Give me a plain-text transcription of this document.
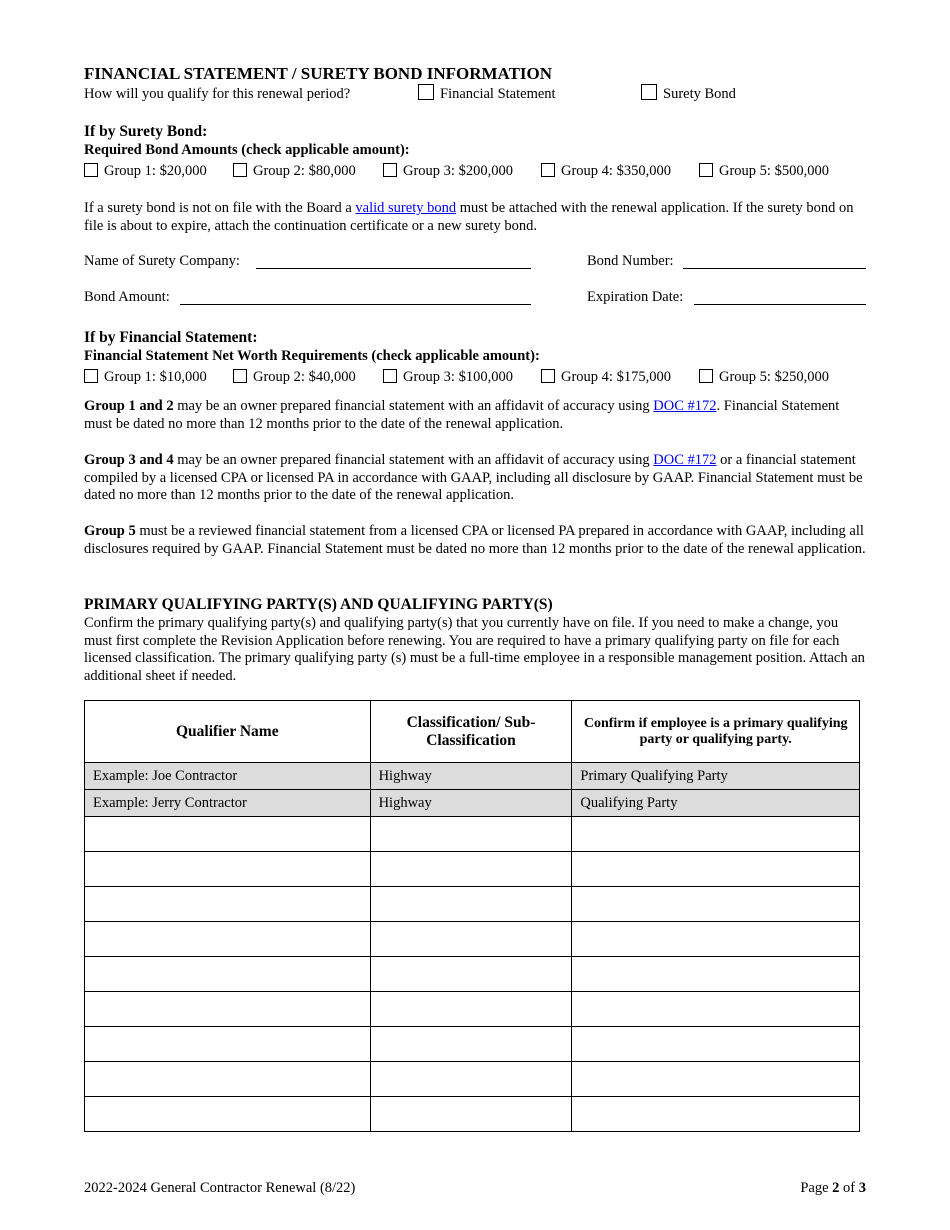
FINANCIAL STATEMENT / SURETY BOND INFORMATION
How will you qualify for this renewal period?	Financial Statement	Surety Bond
If by Surety Bond:
Required Bond Amounts (check applicable amount):
Group 1: $20,000	Group 2: $80,000	Group 3: $200,000	Group 4: $350,000	Group 5: $500,000
If a surety bond is not on file with the Board a valid surety bond must be attached with the renewal application. If the surety bond on file is about to expire, attach the continuation certificate or a new surety bond.
Name of Surety Company:	Bond Number:
Bond Amount:	Expiration Date:
If by Financial Statement:
Financial Statement Net Worth Requirements (check applicable amount):
Group 1: $10,000	Group 2: $40,000	Group 3: $100,000	Group 4: $175,000	Group 5: $250,000
Group 1 and 2 may be an owner prepared financial statement with an affidavit of accuracy using DOC #172. Financial Statement must be dated no more than 12 months prior to the date of the renewal application.
Group 3 and 4 may be an owner prepared financial statement with an affidavit of accuracy using DOC #172 or a financial statement compiled by a licensed CPA or licensed PA in accordance with GAAP, including all disclosure by GAAP. Financial Statement must be dated no more than 12 months prior to the date of the renewal application.
Group 5 must be a reviewed financial statement from a licensed CPA or licensed PA prepared in accordance with GAAP, including all disclosures required by GAAP. Financial Statement must be dated no more than 12 months prior to the date of the renewal application.
PRIMARY QUALIFYING PARTY(S) AND QUALIFYING PARTY(S)
Confirm the primary qualifying party(s) and qualifying party(s) that you currently have on file. If you need to make a change, you must first complete the Revision Application before renewing. You are required to have a primary qualifying party on file for each licensed classification. The primary qualifying party (s) must be a full-time employee in a responsible management position. Attach an additional sheet if needed.
Qualifier Name	Classification/ Sub-Classification	Confirm if employee is a primary qualifying party or qualifying party.
Example: Joe Contractor	Highway	Primary Qualifying Party
Example: Jerry Contractor	Highway	Qualifying Party

2022-2024 General Contractor Renewal (8/22)	Page 2 of 3
